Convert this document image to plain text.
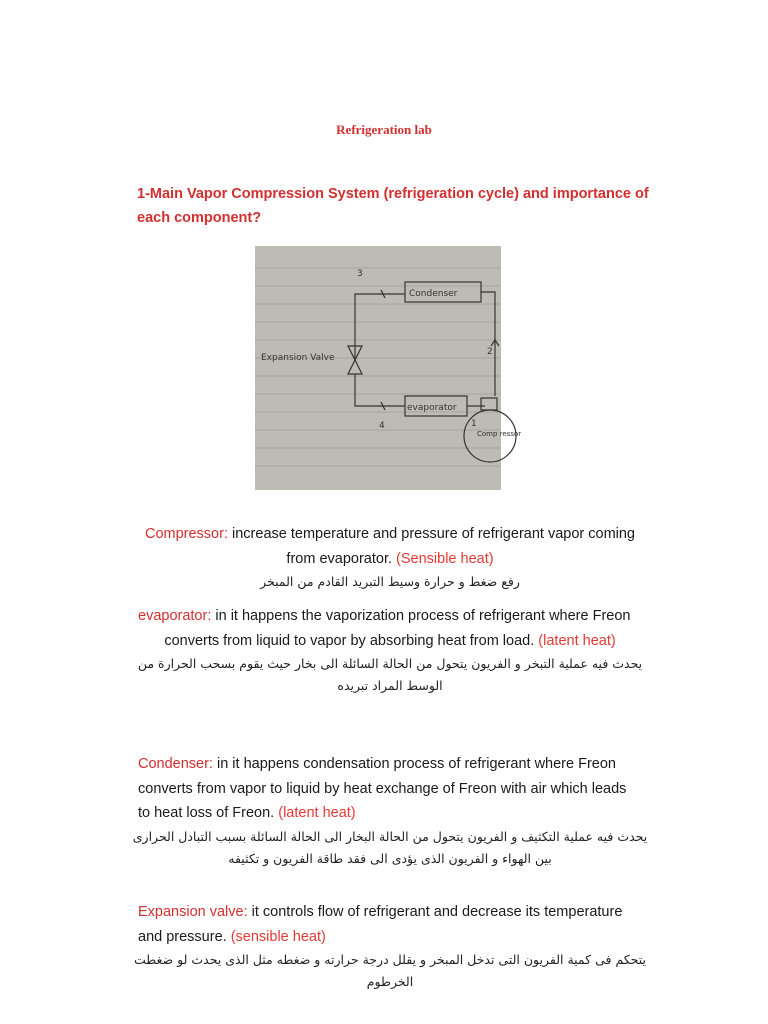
Refrigeration lab
1-Main Vapor Compression System (refrigeration cycle) and importance of each component?
Condenser
evaporator
Expansion Valve
Comp ressor
3
2
1
4
Compressor: increase temperature and pressure of refrigerant vapor coming
from evaporator. (Sensible heat)
رفع ضغط و حرارة وسيط التبريد القادم من المبخر
evaporator: in it happens the vaporization process of refrigerant where Freon
converts from liquid to vapor by absorbing heat from load. (latent heat)
يحدث فيه عملية التبخر و الفريون يتحول من الحالة السائلة الى بخار حيث يقوم بسحب الحرارة من
الوسط المراد تبريده
Condenser: in it happens condensation process of refrigerant where Freon
converts from vapor to liquid by heat exchange of Freon with air which leads
to heat loss of Freon. (latent heat)
يحدث فيه عملية التكثيف و الفريون يتحول من الحالة البخار الى الحالة السائلة بسبب التبادل الحرارى
بين الهواء و الفريون الذى يؤدى الى فقد طاقة الفريون و تكثيفه
Expansion valve: it controls flow of refrigerant and decrease its temperature
and pressure. (sensible heat)
يتحكم فى كمية الفريون التى تدخل المبخر و يقلل درجة حرارته و ضغطه مثل الذى يحدث لو ضغطت الخرطوم
